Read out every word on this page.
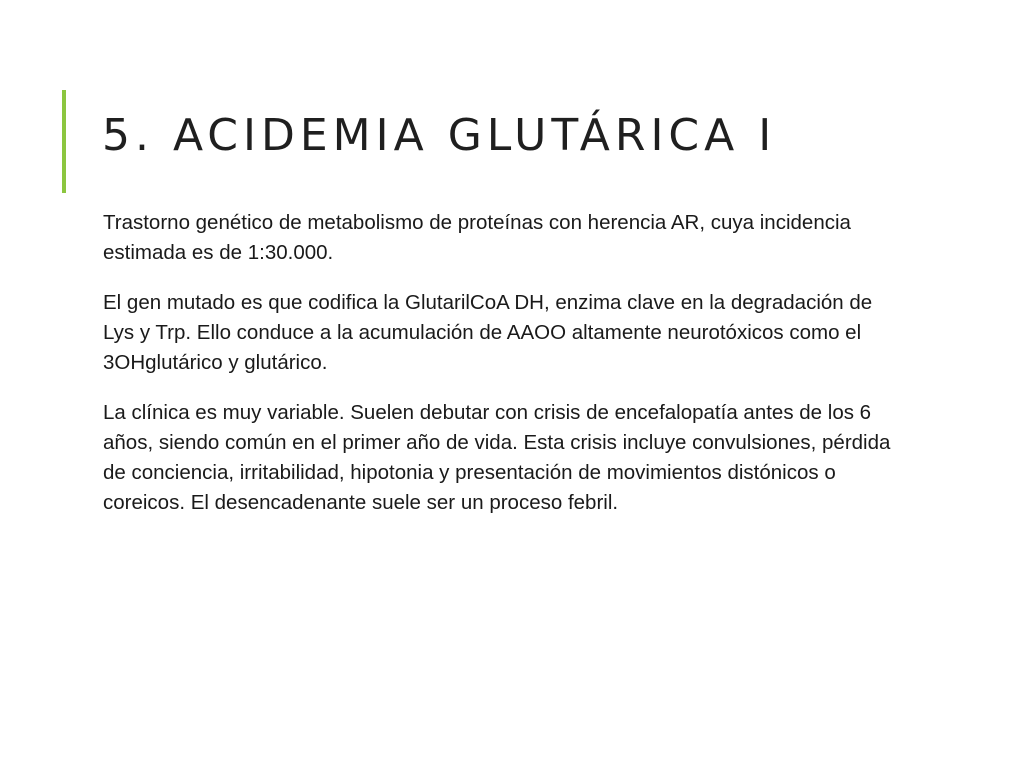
5. ACIDEMIA GLUTÁRICA I

Trastorno genético de metabolismo de proteínas con herencia AR, cuya incidencia estimada es de 1:30.000.

El gen mutado es que codifica la GlutarilCoA DH, enzima clave en la degradación de Lys y Trp. Ello conduce a la acumulación de AAOO altamente neurotóxicos como el 3OHglutárico y glutárico.

La clínica es muy variable. Suelen debutar con crisis de encefalopatía antes de los 6 años, siendo común en el primer año de vida. Esta crisis incluye convulsiones, pérdida de conciencia, irritabilidad, hipotonia y presentación de movimientos distónicos o coreicos. El desencadenante suele ser un proceso febril.
